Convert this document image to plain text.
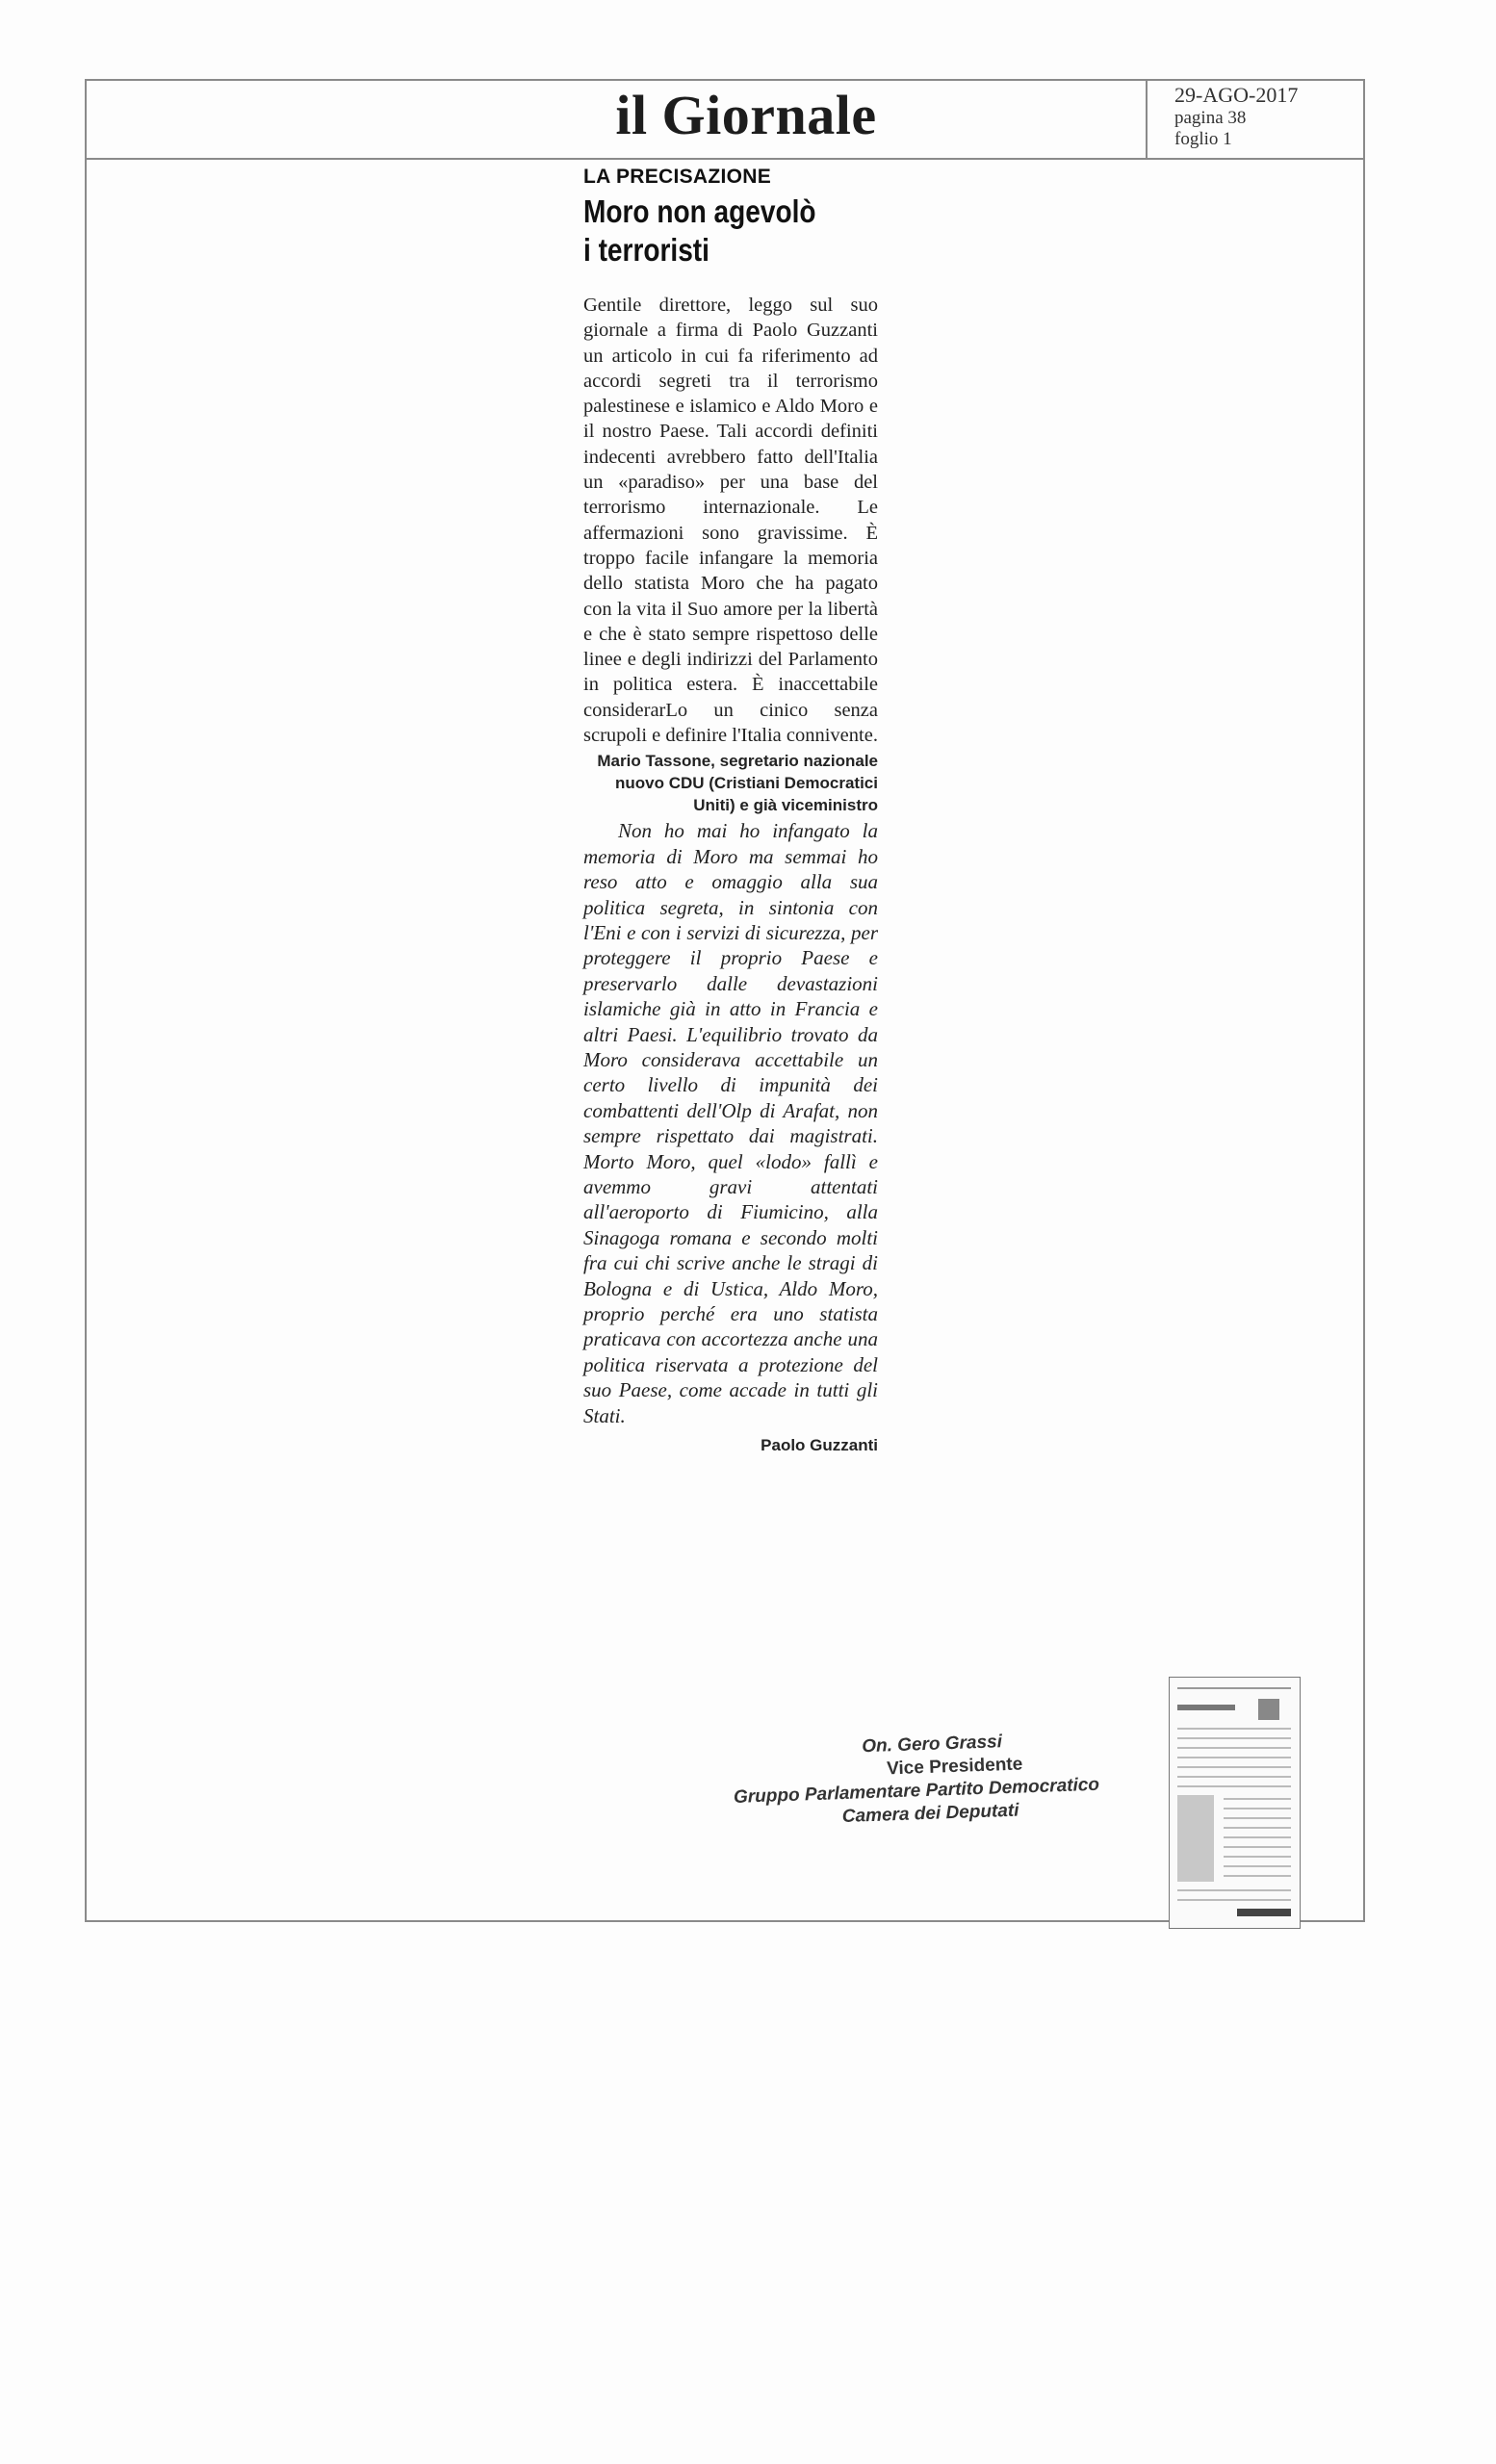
il Giornale	29-AGO-2017
pagina 38
foglio 1
LA PRECISAZIONE
Moro non agevolò
i terroristi

Gentile direttore, leggo sul suo giornale a firma di Paolo Guzzanti un articolo in cui fa riferimento ad accordi segreti tra il terrorismo palestinese e islamico e Aldo Moro e il nostro Paese. Tali accordi definiti indecenti avrebbero fatto dell'Italia un «paradiso» per una base del terrorismo internazionale. Le affermazioni sono gravissime. È troppo facile infangare la memoria dello statista Moro che ha pagato con la vita il Suo amore per la libertà e che è stato sempre rispettoso delle linee e degli indirizzi del Parlamento in politica estera. È inaccettabile considerarLo un cinico senza scrupoli e definire l'Italia connivente.

Mario Tassone, segretario nazionale nuovo CDU (Cristiani Democratici Uniti) e già viceministro

Non ho mai ho infangato la memoria di Moro ma semmai ho reso atto e omaggio alla sua politica segreta, in sintonia con l'Eni e con i servizi di sicurezza, per proteggere il proprio Paese e preservarlo dalle devastazioni islamiche già in atto in Francia e altri Paesi. L'equilibrio trovato da Moro considerava accettabile un certo livello di impunità dei combattenti dell'Olp di Arafat, non sempre rispettato dai magistrati. Morto Moro, quel «lodo» fallì e avemmo gravi attentati all'aeroporto di Fiumicino, alla Sinagoga romana e secondo molti fra cui chi scrive anche le stragi di Bologna e di Ustica, Aldo Moro, proprio perché era uno statista praticava con accortezza anche una politica riservata a protezione del suo Paese, come accade in tutti gli Stati.

Paolo Guzzanti
On. Gero Grassi
Vice Presidente
Gruppo Parlamentare Partito Democratico
Camera dei Deputati
